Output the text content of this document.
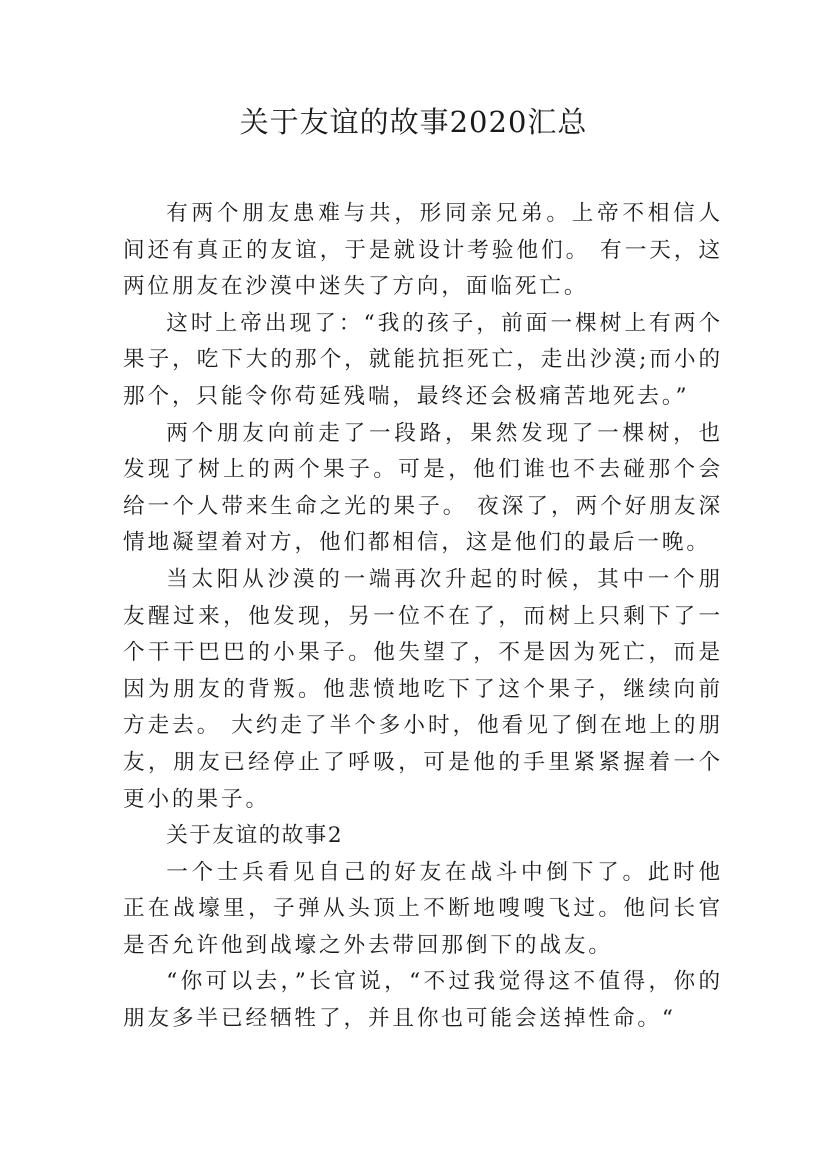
关于友谊的故事2020汇总

有两个朋友患难与共，形同亲兄弟。上帝不相信人间还有真正的友谊，于是就设计考验他们。 有一天，这两位朋友在沙漠中迷失了方向，面临死亡。

这时上帝出现了：“我的孩子，前面一棵树上有两个果子，吃下大的那个，就能抗拒死亡，走出沙漠;而小的那个，只能令你苟延残喘，最终还会极痛苦地死去。”

两个朋友向前走了一段路，果然发现了一棵树，也发现了树上的两个果子。可是，他们谁也不去碰那个会给一个人带来生命之光的果子。 夜深了，两个好朋友深情地凝望着对方，他们都相信，这是他们的最后一晚。

当太阳从沙漠的一端再次升起的时候，其中一个朋友醒过来，他发现，另一位不在了，而树上只剩下了一个干干巴巴的小果子。他失望了，不是因为死亡，而是因为朋友的背叛。他悲愤地吃下了这个果子，继续向前方走去。 大约走了半个多小时，他看见了倒在地上的朋友，朋友已经停止了呼吸，可是他的手里紧紧握着一个更小的果子。

关于友谊的故事2

一个士兵看见自己的好友在战斗中倒下了。此时他正在战壕里，子弹从头顶上不断地嗖嗖飞过。他问长官是否允许他到战壕之外去带回那倒下的战友。

“你可以去，”长官说，“不过我觉得这不值得，你的朋友多半已经牺牲了，并且你也可能会送掉性命。“
